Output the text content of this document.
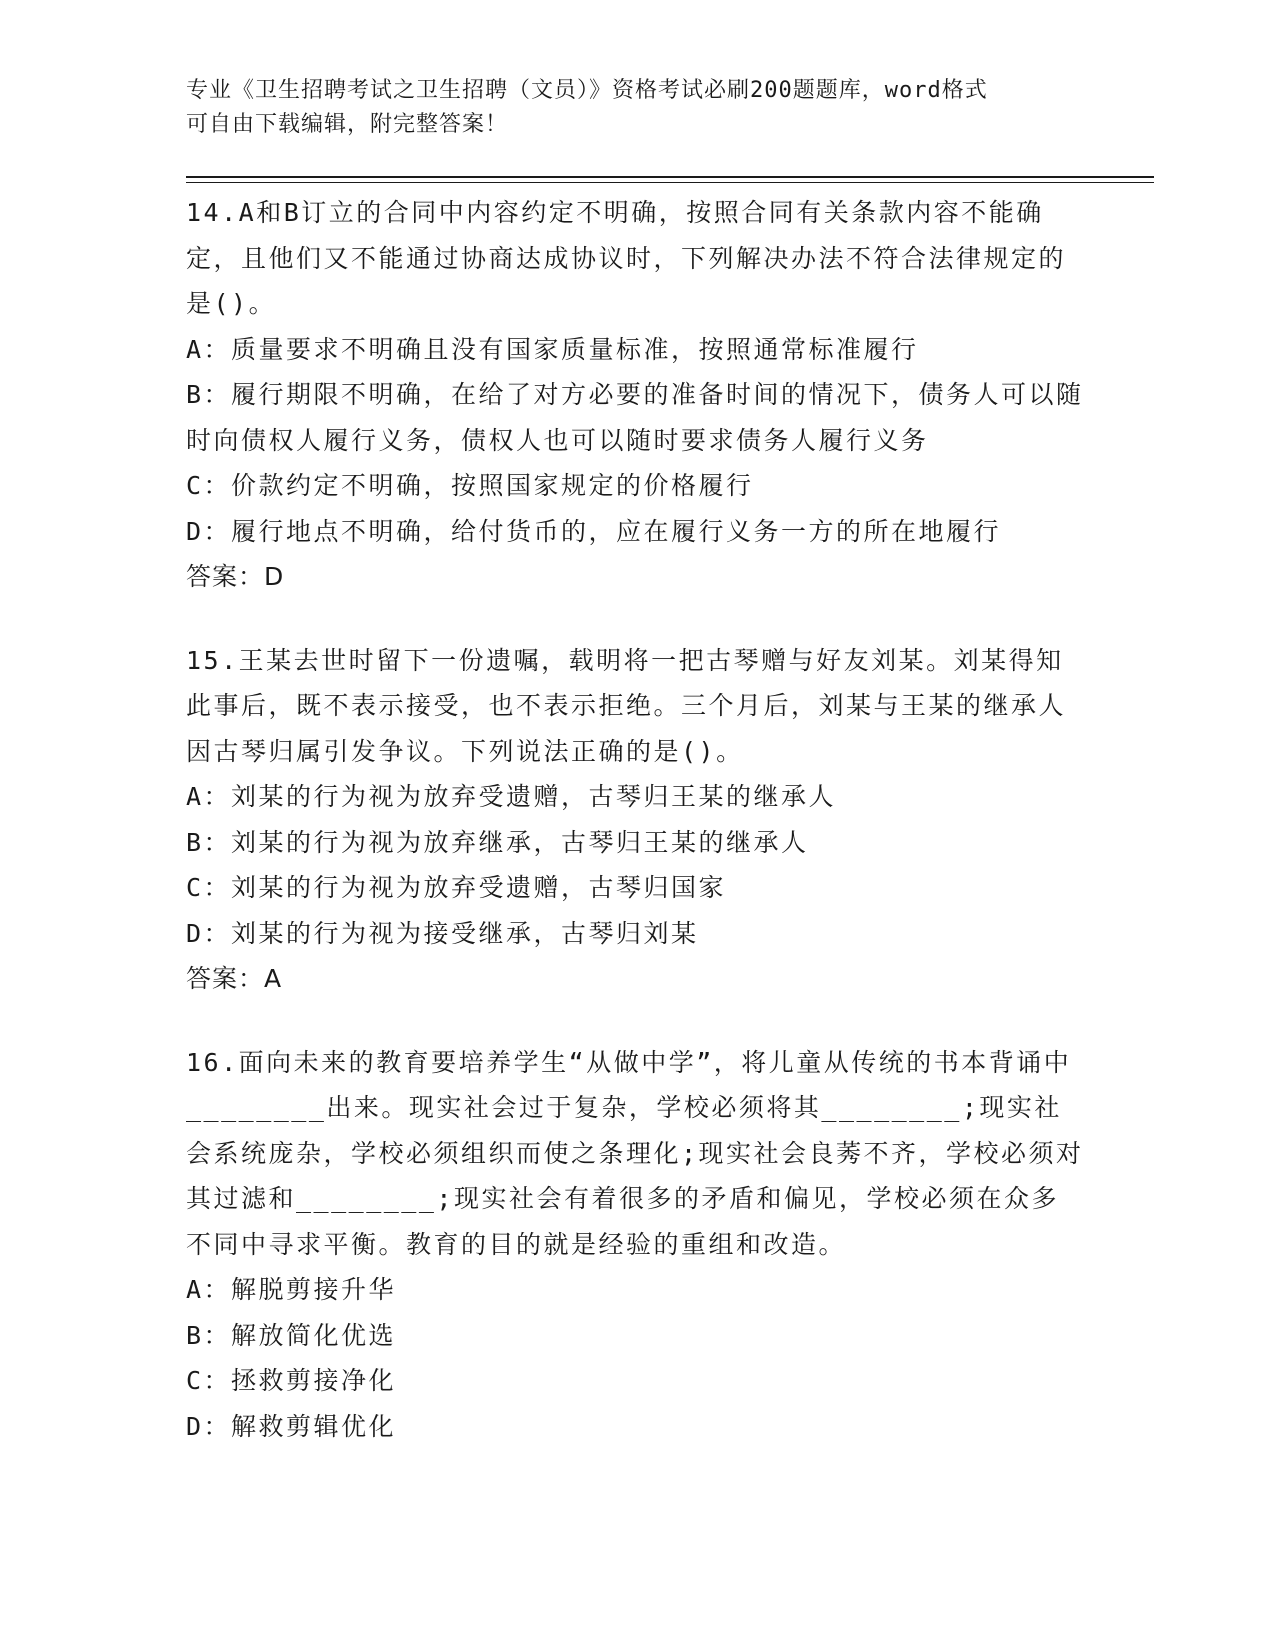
专业《卫生招聘考试之卫生招聘（文员）》资格考试必刷200题题库，word格式
可自由下载编辑，附完整答案！

14.A和B订立的合同中内容约定不明确，按照合同有关条款内容不能确定，且他们又不能通过协商达成协议时，下列解决办法不符合法律规定的是()。

A：质量要求不明确且没有国家质量标准，按照通常标准履行

B：履行期限不明确，在给了对方必要的准备时间的情况下，债务人可以随时向债权人履行义务，债权人也可以随时要求债务人履行义务

C：价款约定不明确，按照国家规定的价格履行

D：履行地点不明确，给付货币的，应在履行义务一方的所在地履行

答案：D

15.王某去世时留下一份遗嘱，载明将一把古琴赠与好友刘某。刘某得知此事后，既不表示接受，也不表示拒绝。三个月后，刘某与王某的继承人因古琴归属引发争议。下列说法正确的是()。

A：刘某的行为视为放弃受遗赠，古琴归王某的继承人

B：刘某的行为视为放弃继承，古琴归王某的继承人

C：刘某的行为视为放弃受遗赠，古琴归国家

D：刘某的行为视为接受继承，古琴归刘某

答案：A

16.面向未来的教育要培养学生“从做中学”，将儿童从传统的书本背诵中________出来。现实社会过于复杂，学校必须将其________;现实社会系统庞杂，学校必须组织而使之条理化;现实社会良莠不齐，学校必须对其过滤和________;现实社会有着很多的矛盾和偏见，学校必须在众多不同中寻求平衡。教育的目的就是经验的重组和改造。

A：解脱剪接升华

B：解放简化优选

C：拯救剪接净化

D：解救剪辑优化
